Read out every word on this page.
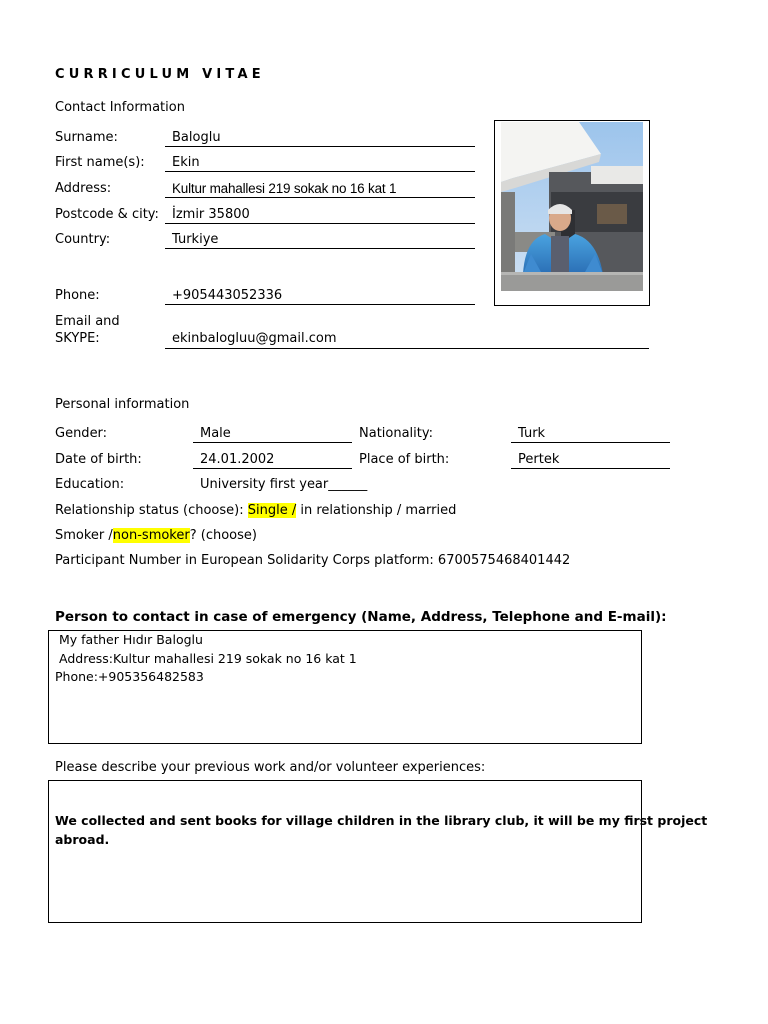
CURRICULUM VITAE
Contact Information
Surname:	Baloglu
First name(s): Ekin
Address:	Kultur mahallesi 219 sokak no 16 kat 1
Postcode & city: İzmir 35800
Country:	Turkiye
Phone:	+905443052336
Email and
SKYPE:	ekinbalogluu@gmail.com
Personal information
Gender:	Male	Nationality:	Turk
Date of birth:	24.01.2002	Place of birth:	Pertek
Education:	University first year______
Relationship status (choose): Single / in relationship / married
Smoker /non-smoker? (choose)
Participant Number in European Solidarity Corps platform: 6700575468401442
Person to contact in case of emergency (Name, Address, Telephone and E-mail):
My father Hıdır Baloglu
Address:Kultur mahallesi 219 sokak no 16 kat 1
Phone:+905356482583
Please describe your previous work and/or volunteer experiences:
We collected and sent books for village children in the library club, it will be my first project
abroad.
